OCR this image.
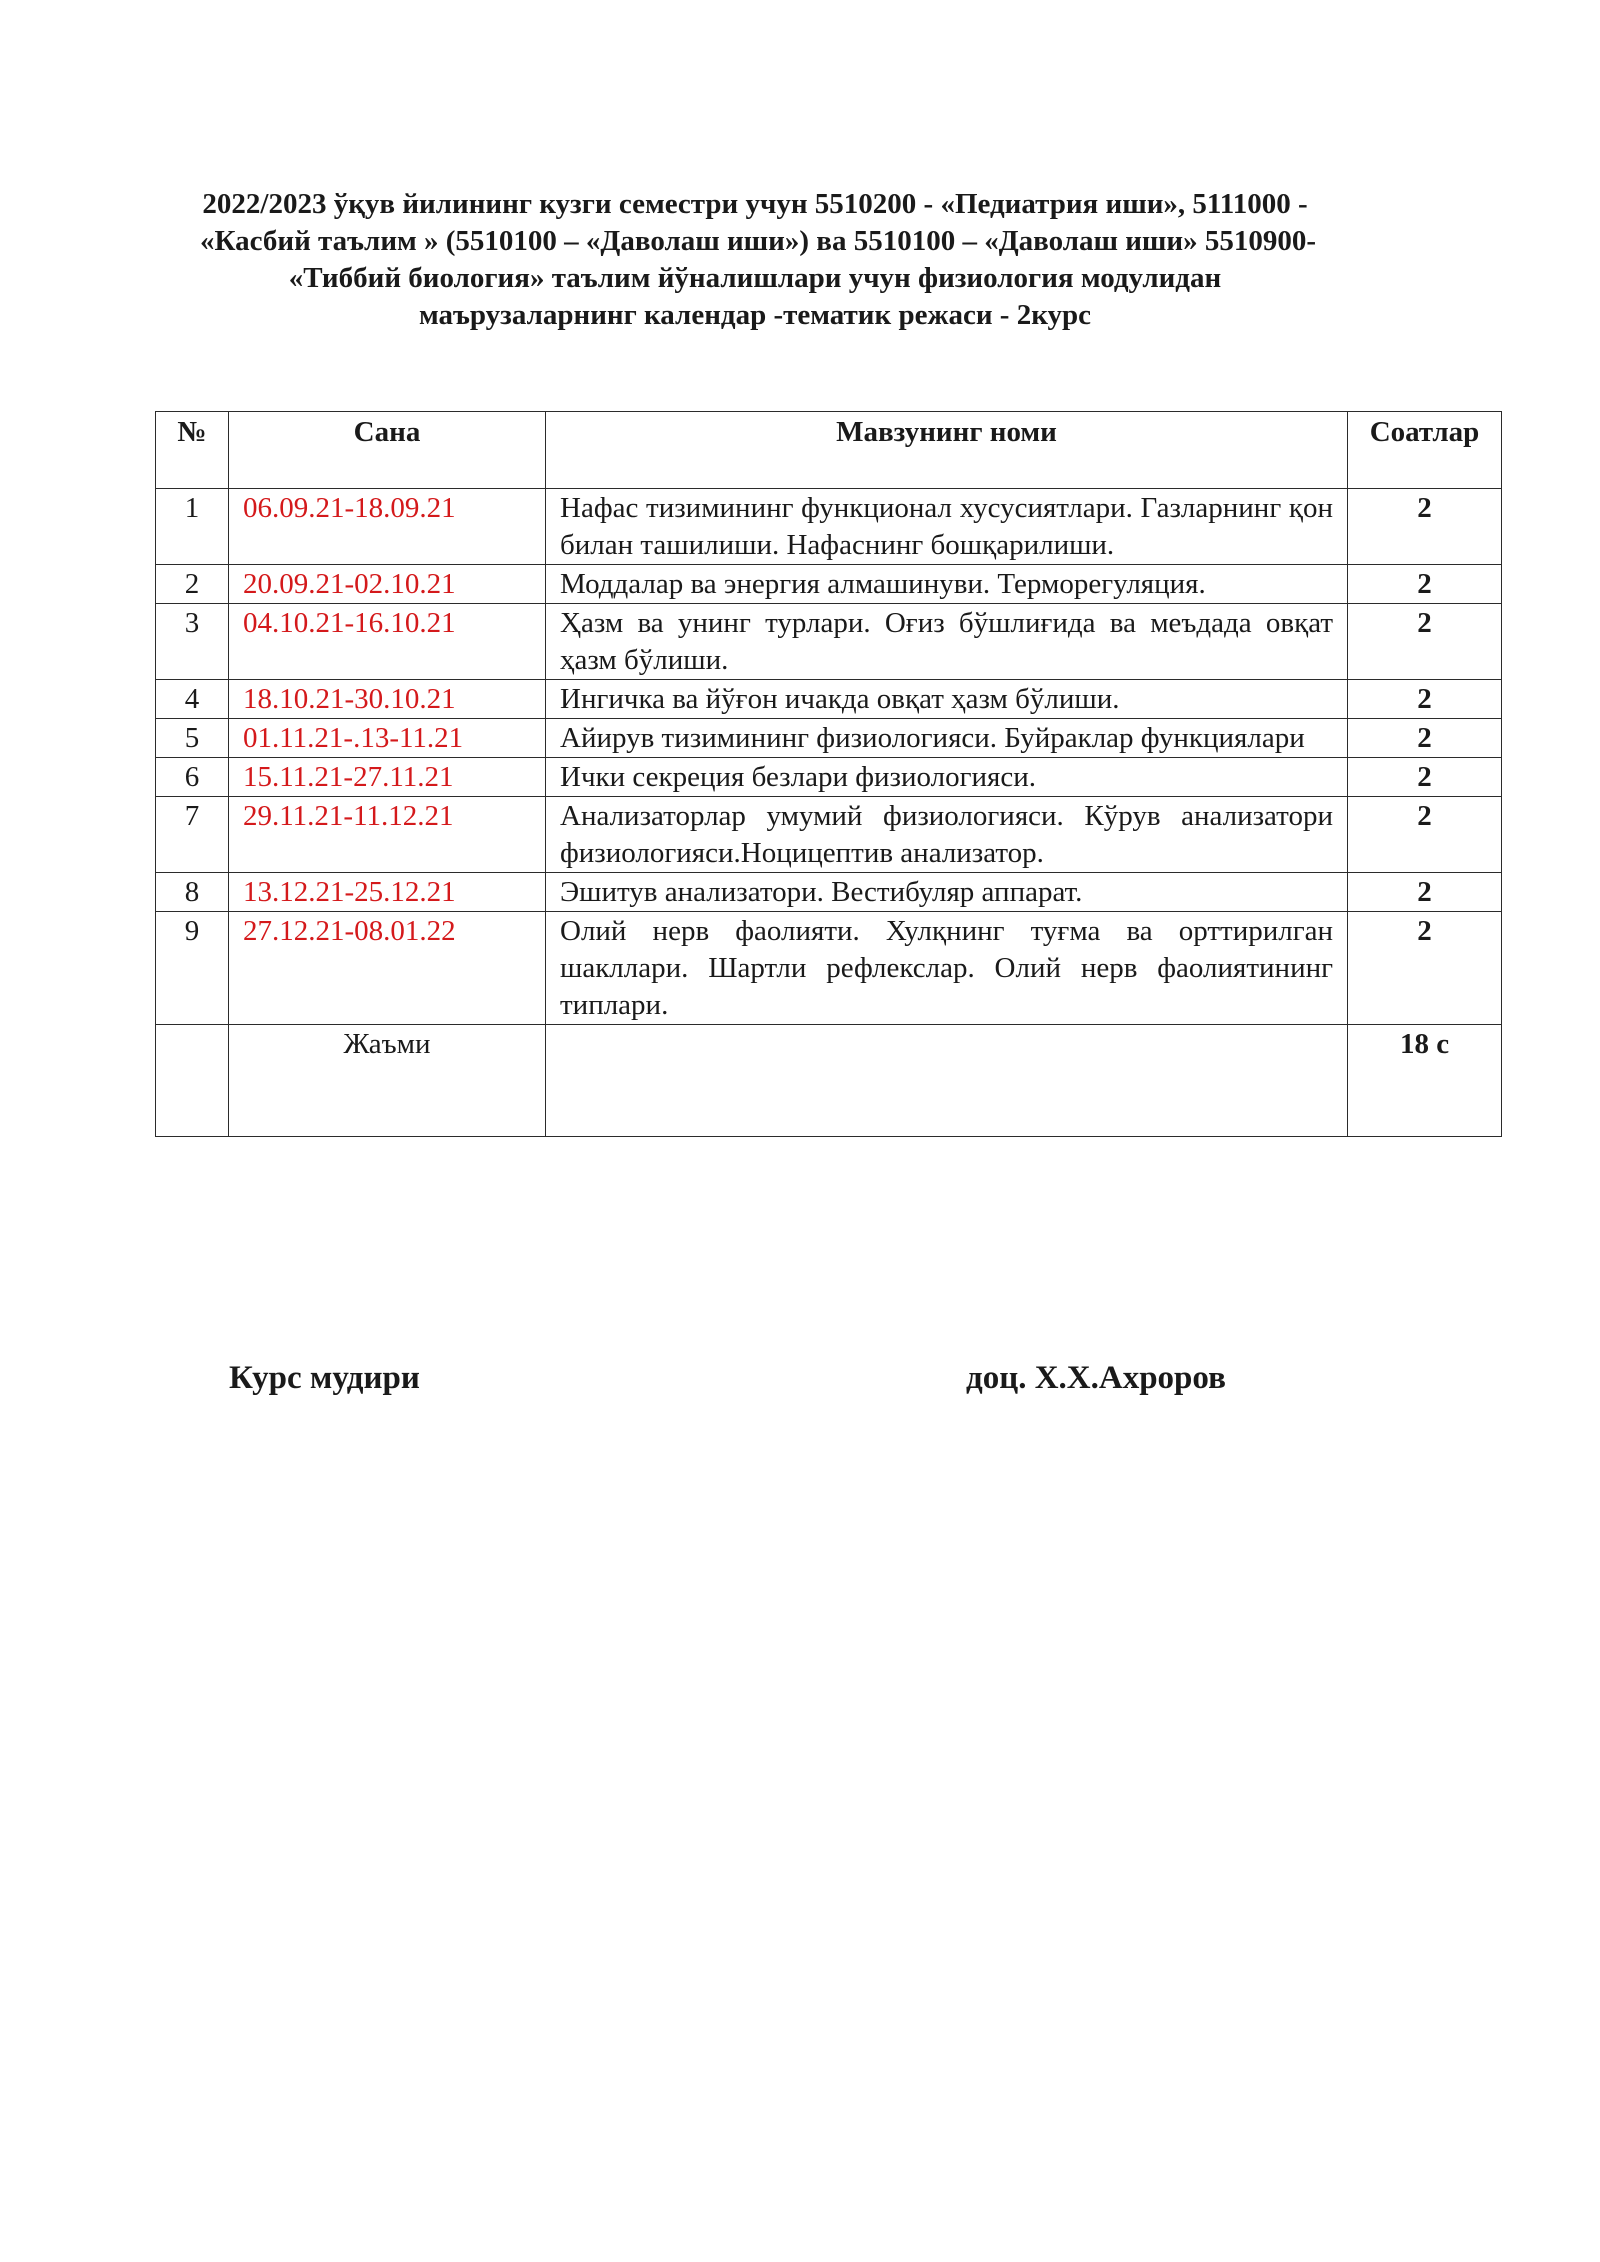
2022/2023 ўқув йилининг кузги семестри учун 5510200 - «Педиатрия иши», 5111000 -
«Касбий таълим » (5510100 – «Даволаш иши») ва 5510100 – «Даволаш иши» 5510900-
«Тиббий биология» таълим йўналишлари учун физиология модулидан
маърузаларнинг календар -тематик режаси - 2курс
№	Сана	Мавзунинг номи	Соатлар
1	06.09.21-18.09.21	Нафас тизимининг функционал хусусиятлари. Газларнинг қон билан ташилиши. Нафаснинг бошқарилиши.	2
2	20.09.21-02.10.21	Моддалар ва энергия алмашинуви. Терморегуляция.	2
3	04.10.21-16.10.21	Ҳазм ва унинг турлари. Оғиз бўшлиғида ва меъдада овқат ҳазм бўлиши.	2
4	18.10.21-30.10.21	Ингичка ва йўғон ичакда овқат ҳазм бўлиши.	2
5	01.11.21-.13-11.21	Айирув тизимининг физиологияси. Буйраклар функциялари	2
6	15.11.21-27.11.21	Ички секреция безлари физиологияси.	2
7	29.11.21-11.12.21	Анализаторлар умумий физиологияси. Кўрув анализатори физиологияси.Ноцицептив анализатор.	2
8	13.12.21-25.12.21	Эшитув анализатори. Вестибуляр аппарат.	2
9	27.12.21-08.01.22	Олий нерв фаолияти. Хулқнинг туғма ва орттирилган шакллари. Шартли рефлекслар. Олий нерв фаолиятининг типлари.	2
	Жаъми		18 с
Курс мудири	доц. Х.Х.Ахроров
